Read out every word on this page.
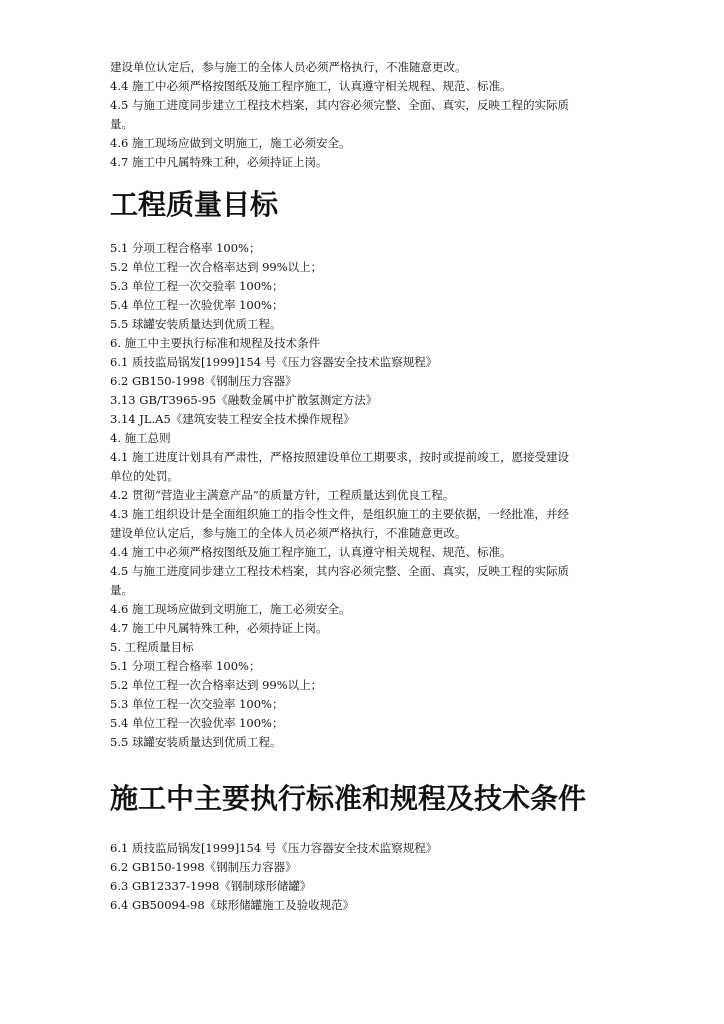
建设单位认定后，参与施工的全体人员必须严格执行，不准随意更改。
4.4 施工中必须严格按图纸及施工程序施工，认真遵守相关规程、规范、标准。
4.5 与施工进度同步建立工程技术档案，其内容必须完整、全面、真实，反映工程的实际质
量。
4.6 施工现场应做到文明施工，施工必须安全。
4.7 施工中凡属特殊工种，必须持证上岗。
工程质量目标
5.1 分项工程合格率 100%；
5.2 单位工程一次合格率达到 99%以上；
5.3 单位工程一次交验率 100%；
5.4 单位工程一次验优率 100%；
5.5 球罐安装质量达到优质工程。
6. 施工中主要执行标准和规程及技术条件
6.1 质技监局锅发[1999]154 号《压力容器安全技术监察规程》
6.2 GB150-1998《钢制压力容器》
3.13 GB/T3965-95《融数金属中扩散氢测定方法》
3.14 JL.A5《建筑安装工程安全技术操作规程》
4. 施工总则
4.1 施工进度计划具有严肃性，严格按照建设单位工期要求，按时或提前竣工，愿接受建设
单位的处罚。
4.2 贯彻“营造业主满意产品”的质量方针，工程质量达到优良工程。
4.3 施工组织设计是全面组织施工的指令性文件，是组织施工的主要依据，一经批准，并经
建设单位认定后，参与施工的全体人员必须严格执行，不准随意更改。
4.4 施工中必须严格按图纸及施工程序施工，认真遵守相关规程、规范、标准。
4.5 与施工进度同步建立工程技术档案，其内容必须完整、全面、真实，反映工程的实际质
量。
4.6 施工现场应做到文明施工，施工必须安全。
4.7 施工中凡属特殊工种，必须持证上岗。
5. 工程质量目标
5.1 分项工程合格率 100%；
5.2 单位工程一次合格率达到 99%以上；
5.3 单位工程一次交验率 100%；
5.4 单位工程一次验优率 100%；
5.5 球罐安装质量达到优质工程。
施工中主要执行标准和规程及技术条件
6.1 质技监局锅发[1999]154 号《压力容器安全技术监察规程》
6.2 GB150-1998《钢制压力容器》
6.3 GB12337-1998《钢制球形储罐》
6.4 GB50094-98《球形储罐施工及验收规范》
